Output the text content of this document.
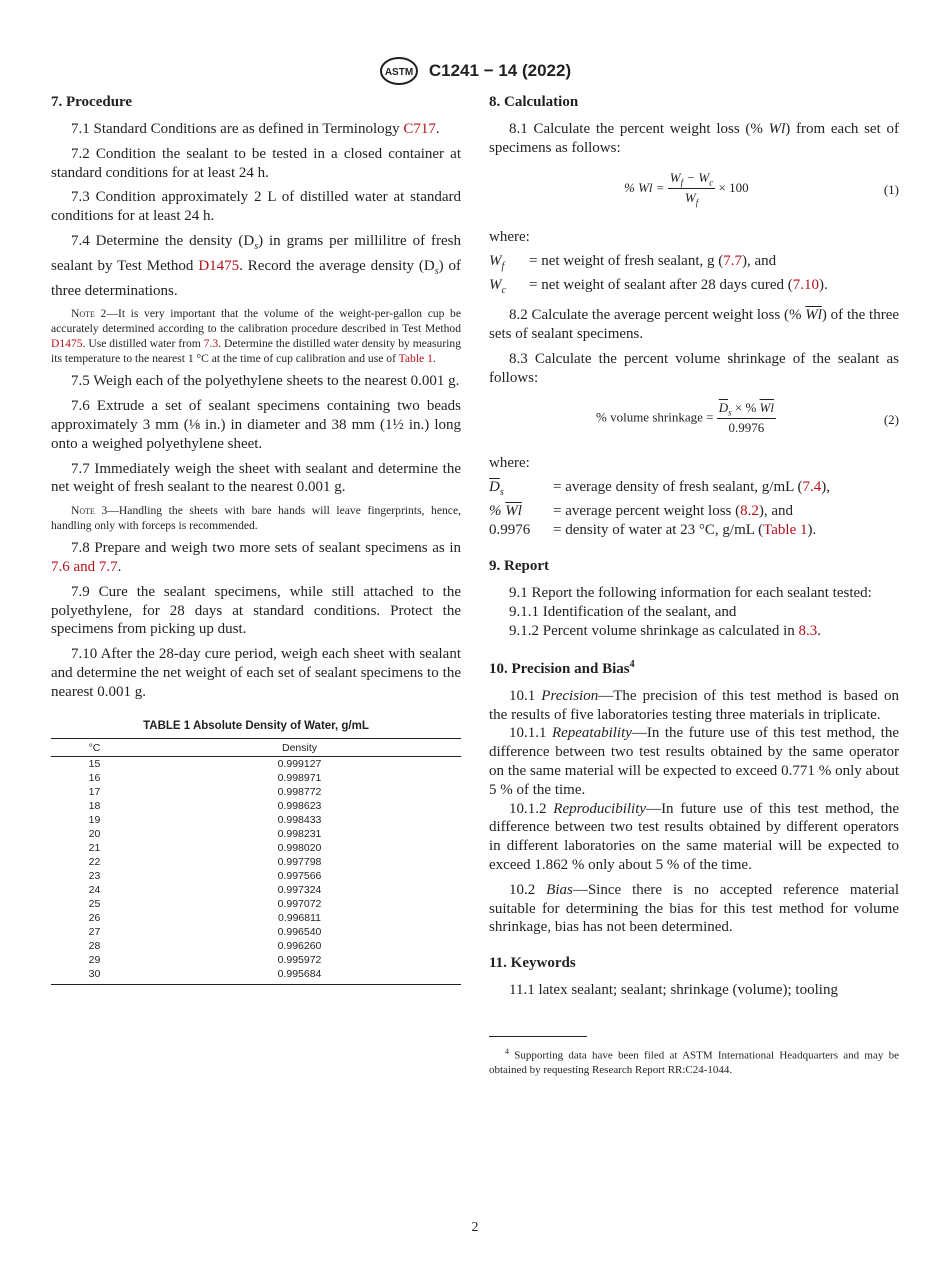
ASTM C1241 − 14 (2022)
7. Procedure

7.1 Standard Conditions are as defined in Terminology C717.

7.2 Condition the sealant to be tested in a closed container at standard conditions for at least 24 h.

7.3 Condition approximately 2 L of distilled water at standard conditions for at least 24 h.

7.4 Determine the density $(D_s)$ in grams per millilitre of fresh sealant by Test Method D1475. Record the average density $(D_s)$ of three determinations.

Note 2—It is very important that the volume of the weight-per-gallon cup be accurately determined according to the calibration procedure described in Test Method D1475. Use distilled water from 7.3. Determine the distilled water density by measuring its temperature to the nearest 1 °C at the time of cup calibration and use of Table 1.

7.5 Weigh each of the polyethylene sheets to the nearest 0.001 g.

7.6 Extrude a set of sealant specimens containing two beads approximately 3 mm (⅛ in.) in diameter and 38 mm (1½ in.) long onto a weighed polyethylene sheet.

7.7 Immediately weigh the sheet with sealant and determine the net weight of fresh sealant to the nearest 0.001 g.

Note 3—Handling the sheets with bare hands will leave fingerprints, hence, handling only with forceps is recommended.

7.8 Prepare and weigh two more sets of sealant specimens as in 7.6 and 7.7.

7.9 Cure the sealant specimens, while still attached to the polyethylene, for 28 days at standard conditions. Protect the specimens from picking up dust.

7.10 After the 28-day cure period, weigh each sheet with sealant and determine the net weight of each set of sealant specimens to the nearest 0.001 g.

TABLE 1 Absolute Density of Water, g/mL
°C	Density
15	0.999127
16	0.998971
17	0.998772
18	0.998623
19	0.998433
20	0.998231
21	0.998020
22	0.997798
23	0.997566
24	0.997324
25	0.997072
26	0.996811
27	0.996540
28	0.996260
29	0.995972
30	0.995684
8. Calculation

8.1 Calculate the percent weight loss (% Wl) from each set of specimens as follows:

% $Wl = \frac{W_f - W_c}{W_f} \times 100$	(1)
where:
$W_f$	= net weight of fresh sealant, g (7.7), and
$W_c$	= net weight of sealant after 28 days cured (7.10).

8.2 Calculate the average percent weight loss (% $\overline{Wl}$) of the three sets of sealant specimens.

8.3 Calculate the percent volume shrinkage of the sealant as follows:

% volume shrinkage = $\frac{\overline{D}_s \times \% \overline{Wl}}{0.9976}$	(2)
where:
$\overline{D}_s$	= average density of fresh sealant, g/mL (7.4),
% $\overline{Wl}$	= average percent weight loss (8.2), and
0.9976	= density of water at 23 °C, g/mL (Table 1).
9. Report

9.1 Report the following information for each sealant tested:

9.1.1 Identification of the sealant, and

9.1.2 Percent volume shrinkage as calculated in 8.3.

10. Precision and Bias$^4$

10.1 Precision—The precision of this test method is based on the results of five laboratories testing three materials in triplicate.

10.1.1 Repeatability—In the future use of this test method, the difference between two test results obtained by the same operator on the same material will be expected to exceed 0.771 % only about 5 % of the time.

10.1.2 Reproducibility—In future use of this test method, the difference between two test results obtained by different operators in different laboratories on the same material will be expected to exceed 1.862 % only about 5 % of the time.

10.2 Bias—Since there is no accepted reference material suitable for determining the bias for this test method for volume shrinkage, bias has not been determined.

11. Keywords

11.1 latex sealant; sealant; shrinkage (volume); tooling

$^4$ Supporting data have been filed at ASTM International Headquarters and may be obtained by requesting Research Report RR:C24-1044.
2
